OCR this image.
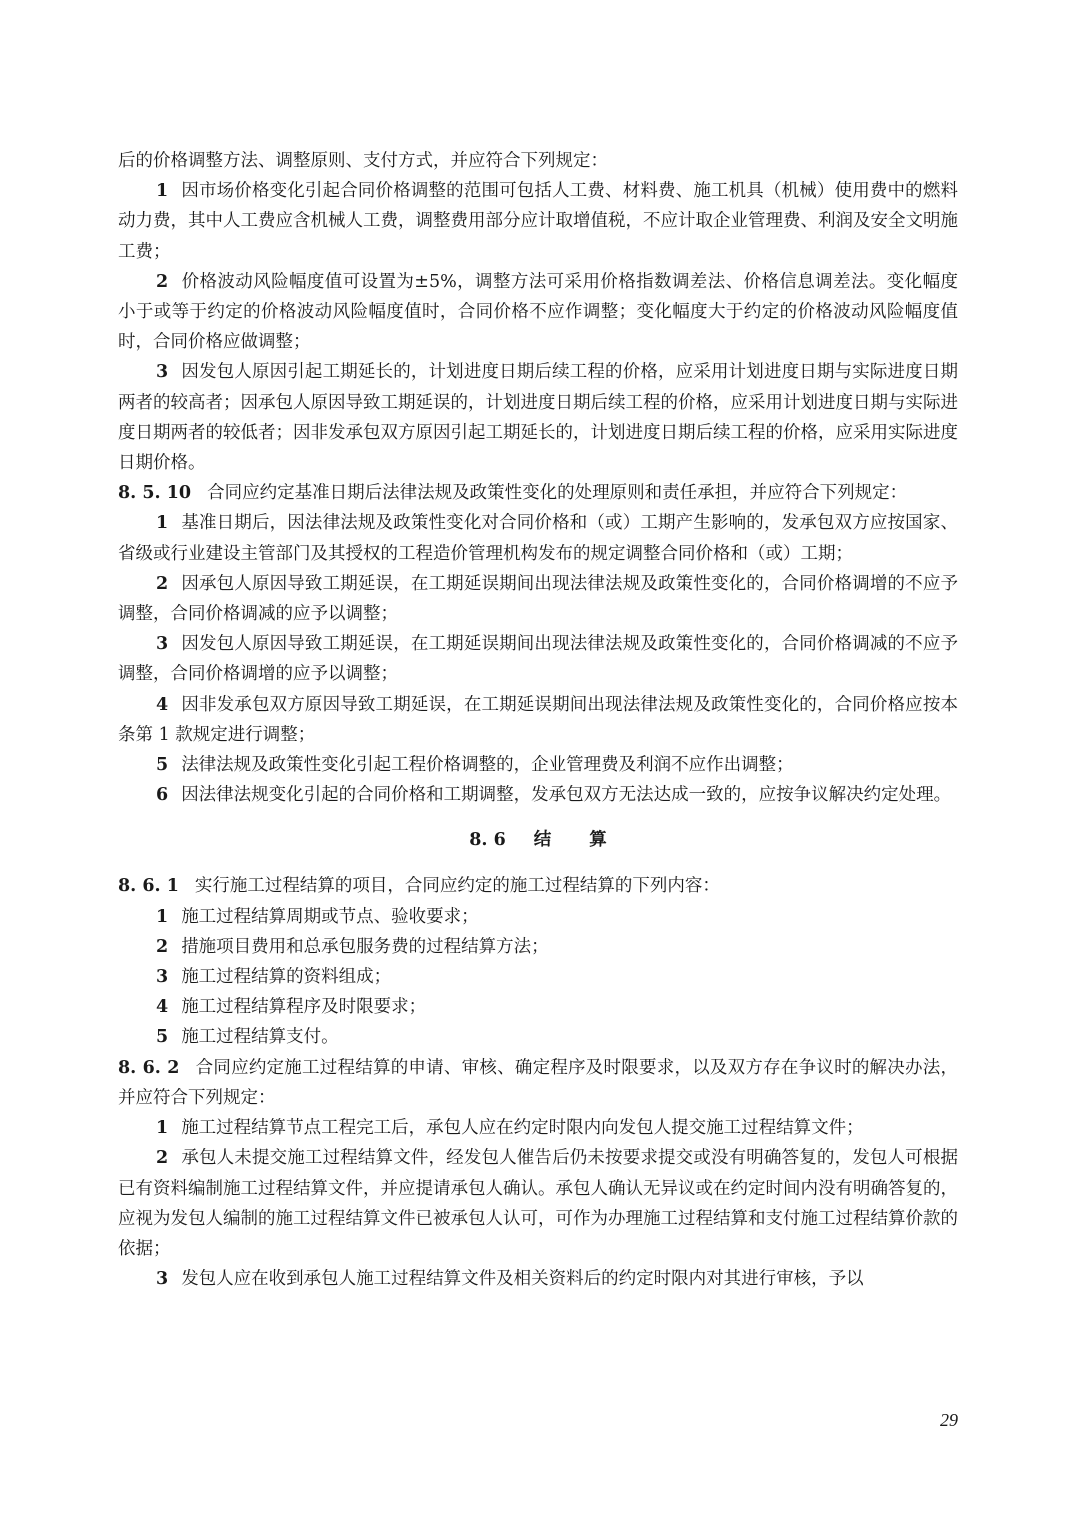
后的价格调整方法、调整原则、支付方式，并应符合下列规定：

1 因市场价格变化引起合同价格调整的范围可包括人工费、材料费、施工机具（机械）使用费中的燃料动力费，其中人工费应含机械人工费，调整费用部分应计取增值税，不应计取企业管理费、利润及安全文明施工费；

2 价格波动风险幅度值可设置为±5%，调整方法可采用价格指数调差法、价格信息调差法。变化幅度小于或等于约定的价格波动风险幅度值时，合同价格不应作调整；变化幅度大于约定的价格波动风险幅度值时，合同价格应做调整；

3 因发包人原因引起工期延长的，计划进度日期后续工程的价格，应采用计划进度日期与实际进度日期两者的较高者；因承包人原因导致工期延误的，计划进度日期后续工程的价格，应采用计划进度日期与实际进度日期两者的较低者；因非发承包双方原因引起工期延长的，计划进度日期后续工程的价格，应采用实际进度日期价格。

8. 5. 10 合同应约定基准日期后法律法规及政策性变化的处理原则和责任承担，并应符合下列规定：

1 基准日期后，因法律法规及政策性变化对合同价格和（或）工期产生影响的，发承包双方应按国家、省级或行业建设主管部门及其授权的工程造价管理机构发布的规定调整合同价格和（或）工期；

2 因承包人原因导致工期延误，在工期延误期间出现法律法规及政策性变化的，合同价格调增的不应予调整，合同价格调减的应予以调整；

3 因发包人原因导致工期延误，在工期延误期间出现法律法规及政策性变化的，合同价格调减的不应予调整，合同价格调增的应予以调整；

4 因非发承包双方原因导致工期延误，在工期延误期间出现法律法规及政策性变化的，合同价格应按本条第 1 款规定进行调整；

5 法律法规及政策性变化引起工程价格调整的，企业管理费及利润不应作出调整；

6 因法律法规变化引起的合同价格和工期调整，发承包双方无法达成一致的，应按争议解决约定处理。

8. 6 结算

8. 6. 1 实行施工过程结算的项目，合同应约定的施工过程结算的下列内容：

1 施工过程结算周期或节点、验收要求；

2 措施项目费用和总承包服务费的过程结算方法；

3 施工过程结算的资料组成；

4 施工过程结算程序及时限要求；

5 施工过程结算支付。

8. 6. 2 合同应约定施工过程结算的申请、审核、确定程序及时限要求，以及双方存在争议时的解决办法，并应符合下列规定：

1 施工过程结算节点工程完工后，承包人应在约定时限内向发包人提交施工过程结算文件；

2 承包人未提交施工过程结算文件，经发包人催告后仍未按要求提交或没有明确答复的，发包人可根据已有资料编制施工过程结算文件，并应提请承包人确认。承包人确认无异议或在约定时间内没有明确答复的，应视为发包人编制的施工过程结算文件已被承包人认可，可作为办理施工过程结算和支付施工过程结算价款的依据；

3 发包人应在收到承包人施工过程结算文件及相关资料后的约定时限内对其进行审核，予以

29
